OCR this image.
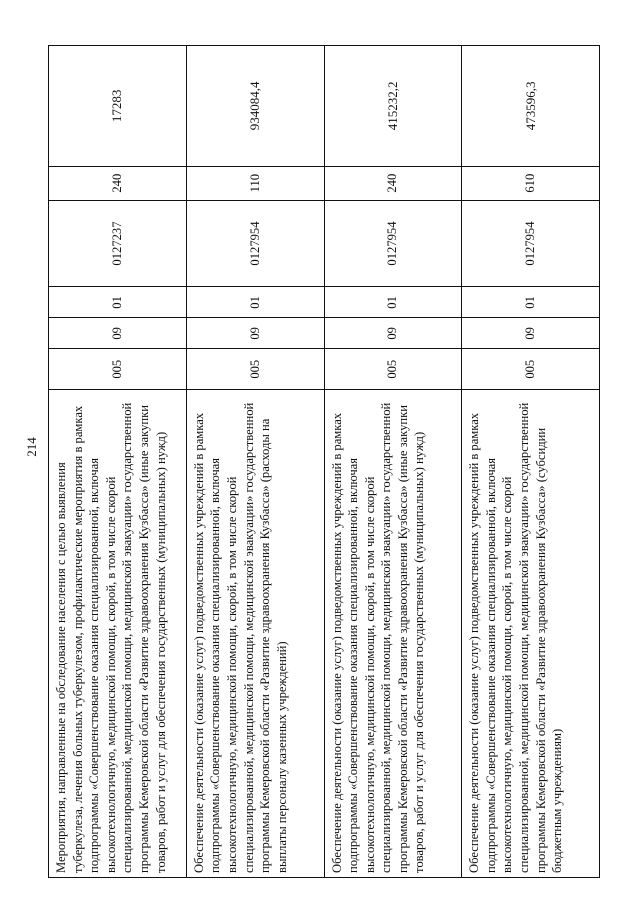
214
Мероприятия, направленные на обследование населения с целью выявления туберкулеза, лечения больных туберкулезом, профилактические мероприятия в рамках подпрограммы «Совершенствование оказания специализированной, включая высокотехнологичную, медицинской помощи, скорой, в том числе скорой специализированной, медицинской помощи, медицинской эвакуации» государственной программы Кемеровской области «Развитие здравоохранения Кузбасса» (иные закупки товаров, работ и услуг для обеспечения государственных (муниципальных) нужд)
005
09
01
0127237
240
17283
Обеспечение деятельности (оказание услуг) подведомственных учреждений в рамках подпрограммы «Совершенствование оказания специализированной, включая высокотехнологичную, медицинской помощи, скорой, в том числе скорой специализированной, медицинской помощи, медицинской эвакуации» государственной программы Кемеровской области «Развитие здравоохранения Кузбасса» (расходы на выплаты персоналу казенных учреждений)
005
09
01
0127954
110
934084,4
Обеспечение деятельности (оказание услуг) подведомственных учреждений в рамках подпрограммы «Совершенствование оказания специализированной, включая высокотехнологичную, медицинской помощи, скорой, в том числе скорой специализированной, медицинской помощи, медицинской эвакуации» государственной программы Кемеровской области «Развитие здравоохранения Кузбасса» (иные закупки товаров, работ и услуг для обеспечения государственных (муниципальных) нужд)
005
09
01
0127954
240
415232,2
Обеспечение деятельности (оказание услуг) подведомственных учреждений в рамках подпрограммы «Совершенствование оказания специализированной, включая высокотехнологичную, медицинской помощи, скорой, в том числе скорой специализированной, медицинской помощи, медицинской эвакуации» государственной программы Кемеровской области «Развитие здравоохранения Кузбасса» (субсидии бюджетным учреждениям)
005
09
01
0127954
610
473596,3
